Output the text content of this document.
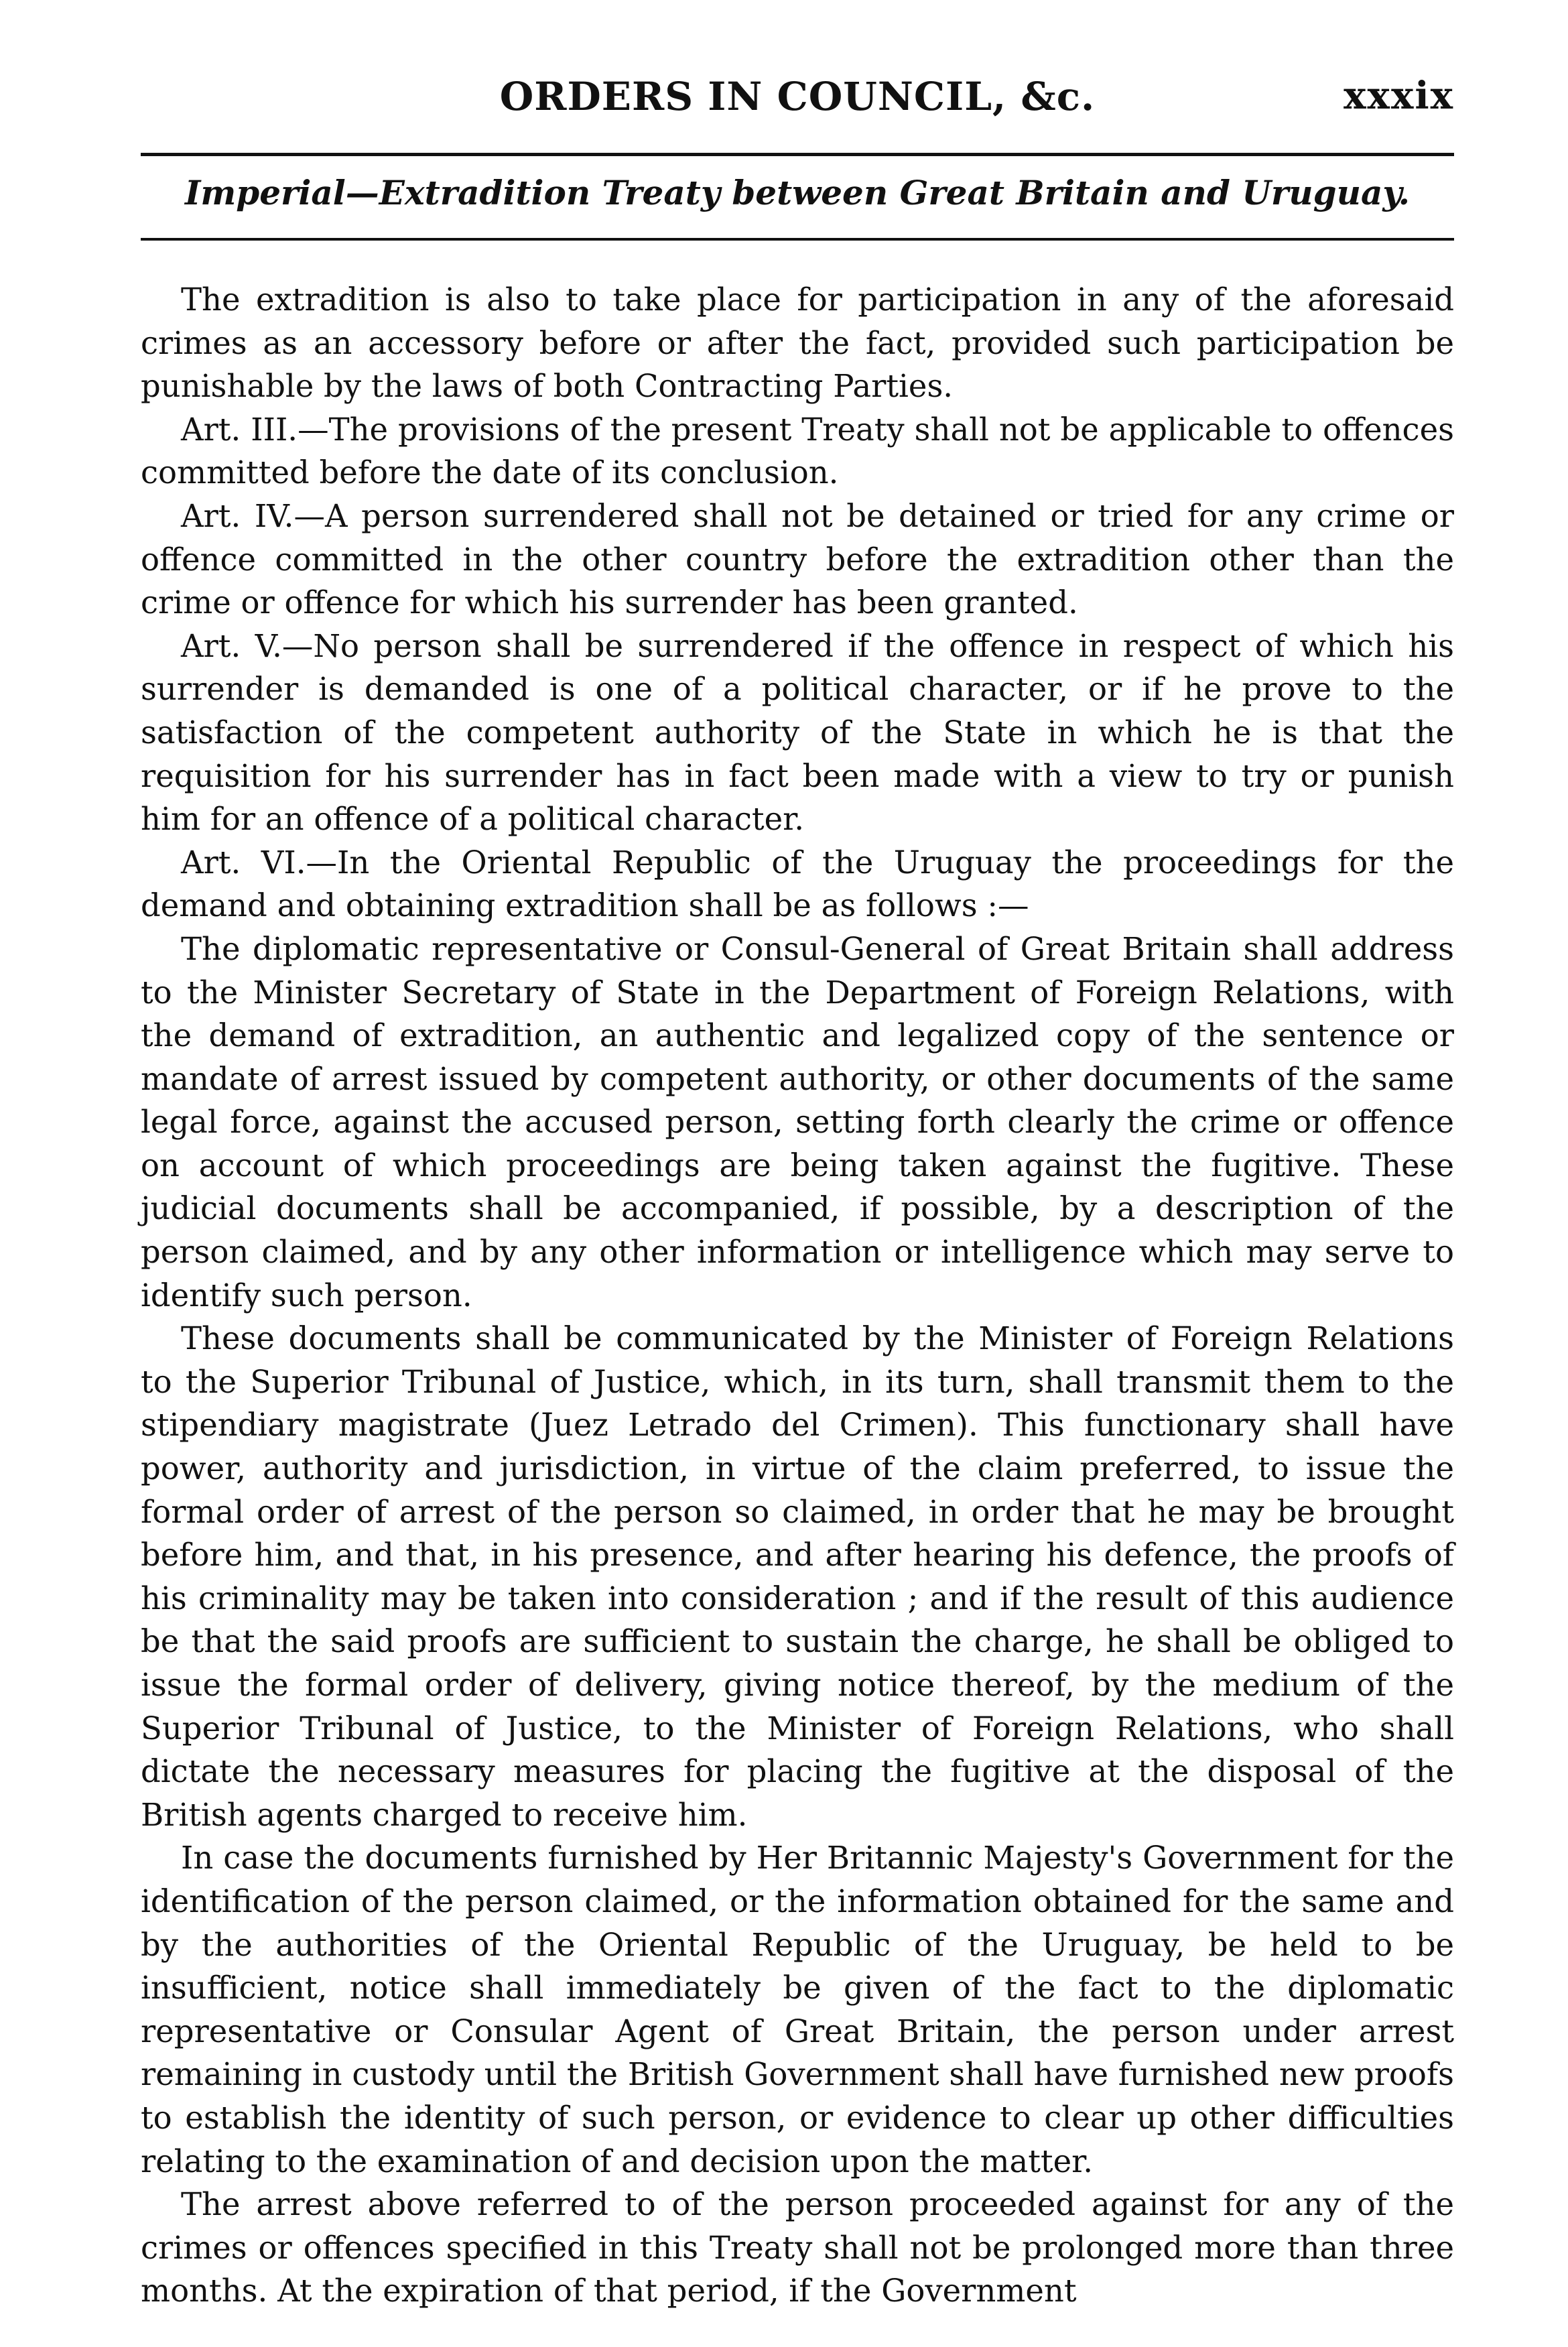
ORDERS IN COUNCIL, &c.	xxxix
Imperial—Extradition Treaty between Great Britain and Uruguay.

The extradition is also to take place for participation in any of the aforesaid crimes as an accessory before or after the fact, provided such participation be punishable by the laws of both Contracting Parties.

Art. III.—The provisions of the present Treaty shall not be applicable to offences committed before the date of its conclusion.

Art. IV.—A person surrendered shall not be detained or tried for any crime or offence committed in the other country before the extradition other than the crime or offence for which his surrender has been granted.

Art. V.—No person shall be surrendered if the offence in respect of which his surrender is demanded is one of a political character, or if he prove to the satisfaction of the competent authority of the State in which he is that the requisition for his surrender has in fact been made with a view to try or punish him for an offence of a political character.

Art. VI.—In the Oriental Republic of the Uruguay the proceedings for the demand and obtaining extradition shall be as follows :—

The diplomatic representative or Consul-General of Great Britain shall address to the Minister Secretary of State in the Department of Foreign Relations, with the demand of extradition, an authentic and legalized copy of the sentence or mandate of arrest issued by competent authority, or other documents of the same legal force, against the accused person, setting forth clearly the crime or offence on account of which proceedings are being taken against the fugitive. These judicial documents shall be accompanied, if possible, by a description of the person claimed, and by any other information or intelligence which may serve to identify such person.

These documents shall be communicated by the Minister of Foreign Relations to the Superior Tribunal of Justice, which, in its turn, shall transmit them to the stipendiary magistrate (Juez Letrado del Crimen). This functionary shall have power, authority and jurisdiction, in virtue of the claim preferred, to issue the formal order of arrest of the person so claimed, in order that he may be brought before him, and that, in his presence, and after hearing his defence, the proofs of his criminality may be taken into consideration ; and if the result of this audience be that the said proofs are sufficient to sustain the charge, he shall be obliged to issue the formal order of delivery, giving notice thereof, by the medium of the Superior Tribunal of Justice, to the Minister of Foreign Relations, who shall dictate the necessary measures for placing the fugitive at the disposal of the British agents charged to receive him.

In case the documents furnished by Her Britannic Majesty's Government for the identification of the person claimed, or the information obtained for the same and by the authorities of the Oriental Republic of the Uruguay, be held to be insufficient, notice shall immediately be given of the fact to the diplomatic representative or Consular Agent of Great Britain, the person under arrest remaining in custody until the British Government shall have furnished new proofs to establish the identity of such person, or evidence to clear up other difficulties relating to the examination of and decision upon the matter.

The arrest above referred to of the person proceeded against for any of the crimes or offences specified in this Treaty shall not be prolonged more than three months. At the expiration of that period, if the Government
